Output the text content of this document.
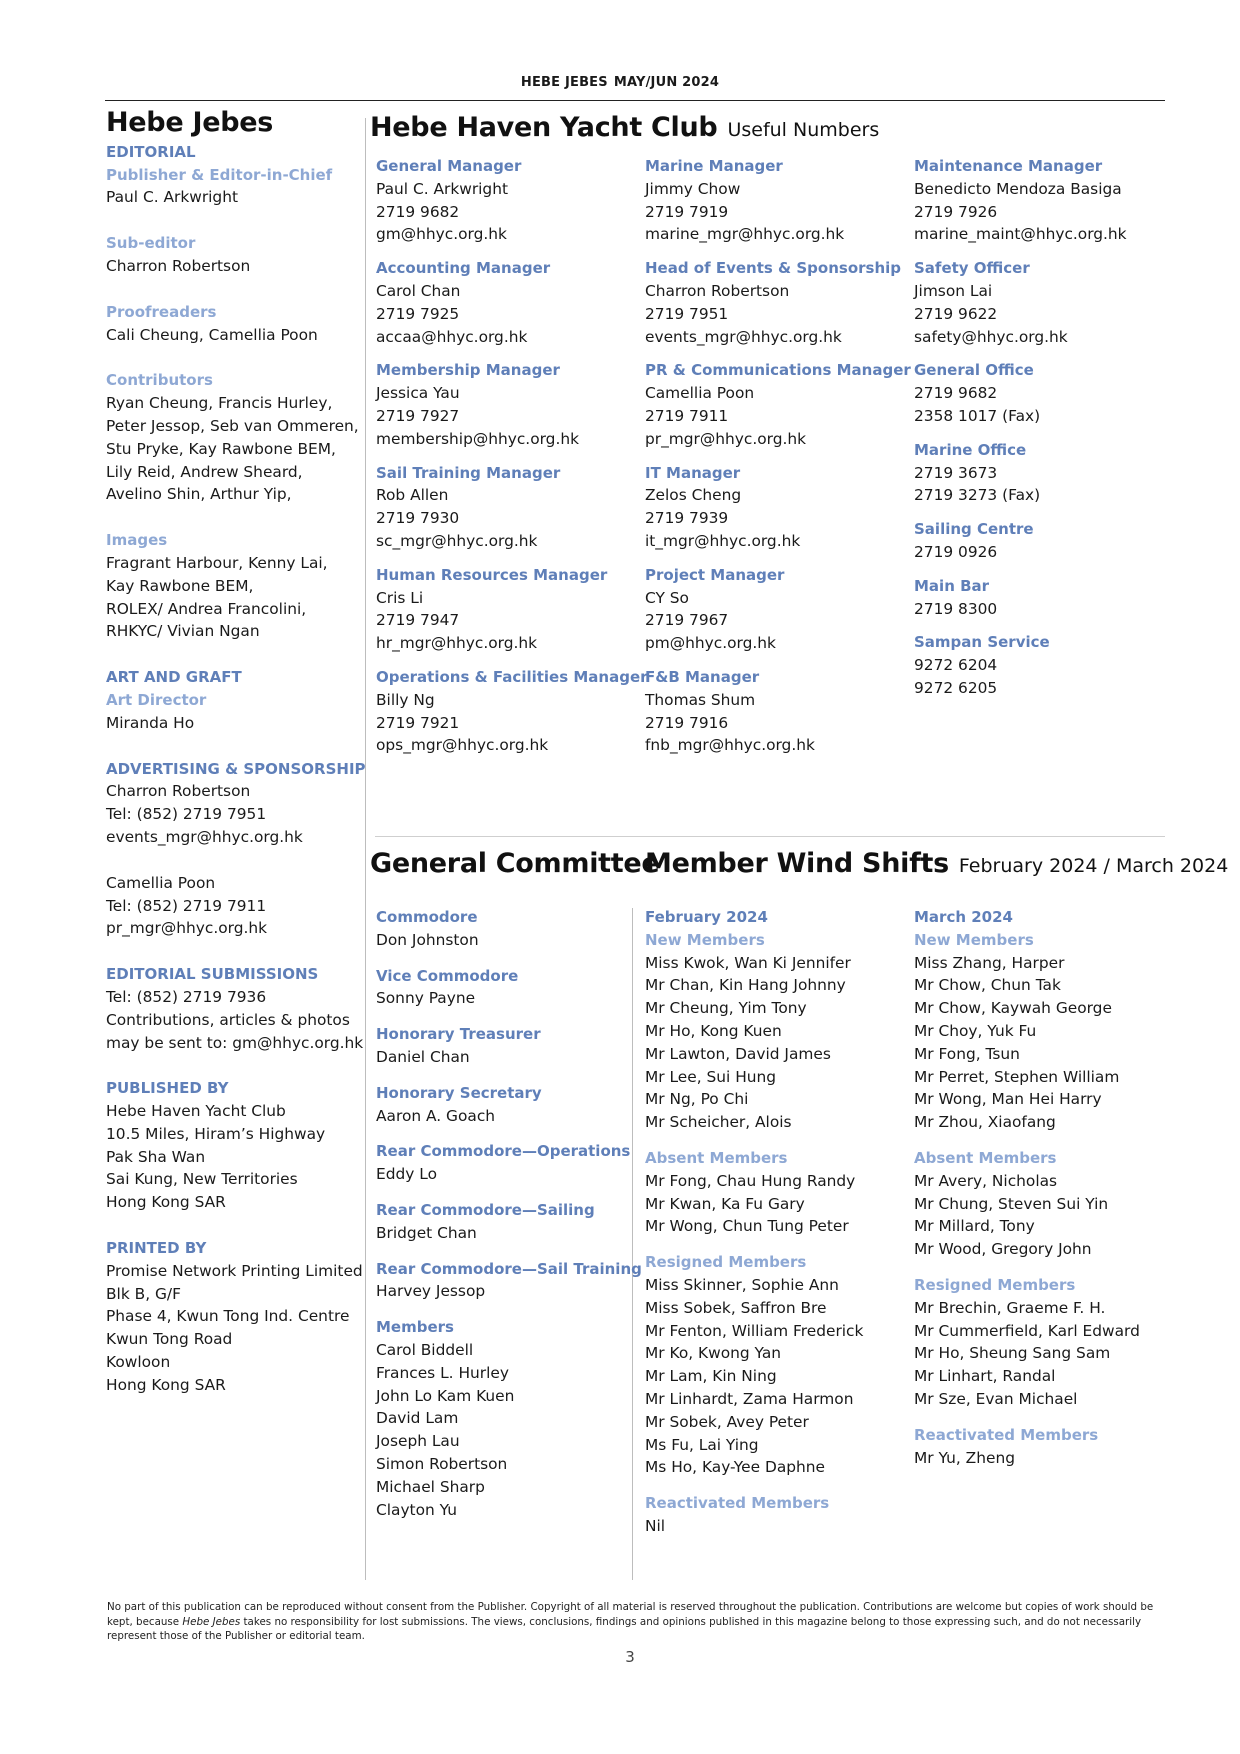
HEBE JEBES MAY/JUN 2024
Hebe Jebes
EDITORIAL
Publisher & Editor-in-Chief
Paul C. Arkwright
Sub-editor
Charron Robertson
Proofreaders
Cali Cheung, Camellia Poon
Contributors
Ryan Cheung, Francis Hurley,
Peter Jessop, Seb van Ommeren,
Stu Pryke, Kay Rawbone BEM,
Lily Reid, Andrew Sheard,
Avelino Shin, Arthur Yip,
Images
Fragrant Harbour, Kenny Lai,
Kay Rawbone BEM,
ROLEX/ Andrea Francolini,
RHKYC/ Vivian Ngan
ART AND GRAFT
Art Director
Miranda Ho
ADVERTISING & SPONSORSHIP
Charron Robertson
Tel: (852) 2719 7951
events_mgr@hhyc.org.hk
Camellia Poon
Tel: (852) 2719 7911
pr_mgr@hhyc.org.hk
EDITORIAL SUBMISSIONS
Tel: (852) 2719 7936
Contributions, articles & photos
may be sent to: gm@hhyc.org.hk
PUBLISHED BY
Hebe Haven Yacht Club
10.5 Miles, Hiram’s Highway
Pak Sha Wan
Sai Kung, New Territories
Hong Kong SAR
PRINTED BY
Promise Network Printing Limited
Blk B, G/F
Phase 4, Kwun Tong Ind. Centre
Kwun Tong Road
Kowloon
Hong Kong SAR
Hebe Haven Yacht Club Useful Numbers
General Manager
Paul C. Arkwright
2719 9682
gm@hhyc.org.hk
Accounting Manager
Carol Chan
2719 7925
accaa@hhyc.org.hk
Membership Manager
Jessica Yau
2719 7927
membership@hhyc.org.hk
Sail Training Manager
Rob Allen
2719 7930
sc_mgr@hhyc.org.hk
Human Resources Manager
Cris Li
2719 7947
hr_mgr@hhyc.org.hk
Operations & Facilities Manager
Billy Ng
2719 7921
ops_mgr@hhyc.org.hk
Marine Manager
Jimmy Chow
2719 7919
marine_mgr@hhyc.org.hk
Head of Events & Sponsorship
Charron Robertson
2719 7951
events_mgr@hhyc.org.hk
PR & Communications Manager
Camellia Poon
2719 7911
pr_mgr@hhyc.org.hk
IT Manager
Zelos Cheng
2719 7939
it_mgr@hhyc.org.hk
Project Manager
CY So
2719 7967
pm@hhyc.org.hk
F&B Manager
Thomas Shum
2719 7916
fnb_mgr@hhyc.org.hk
Maintenance Manager
Benedicto Mendoza Basiga
2719 7926
marine_maint@hhyc.org.hk
Safety Officer
Jimson Lai
2719 9622
safety@hhyc.org.hk
General Office
2719 9682
2358 1017 (Fax)
Marine Office
2719 3673
2719 3273 (Fax)
Sailing Centre
2719 0926
Main Bar
2719 8300
Sampan Service
9272 6204
9272 6205
General Committee
Member Wind Shifts February 2024 / March 2024
Commodore
Don Johnston
Vice Commodore
Sonny Payne
Honorary Treasurer
Daniel Chan
Honorary Secretary
Aaron A. Goach
Rear Commodore—Operations
Eddy Lo
Rear Commodore—Sailing
Bridget Chan
Rear Commodore—Sail Training
Harvey Jessop
Members
Carol Biddell
Frances L. Hurley
John Lo Kam Kuen
David Lam
Joseph Lau
Simon Robertson
Michael Sharp
Clayton Yu
February 2024
New Members
Miss Kwok, Wan Ki Jennifer
Mr Chan, Kin Hang Johnny
Mr Cheung, Yim Tony
Mr Ho, Kong Kuen
Mr Lawton, David James
Mr Lee, Sui Hung
Mr Ng, Po Chi
Mr Scheicher, Alois
Absent Members
Mr Fong, Chau Hung Randy
Mr Kwan, Ka Fu Gary
Mr Wong, Chun Tung Peter
Resigned Members
Miss Skinner, Sophie Ann
Miss Sobek, Saffron Bre
Mr Fenton, William Frederick
Mr Ko, Kwong Yan
Mr Lam, Kin Ning
Mr Linhardt, Zama Harmon
Mr Sobek, Avey Peter
Ms Fu, Lai Ying
Ms Ho, Kay-Yee Daphne
Reactivated Members
Nil
March 2024
New Members
Miss Zhang, Harper
Mr Chow, Chun Tak
Mr Chow, Kaywah George
Mr Choy, Yuk Fu
Mr Fong, Tsun
Mr Perret, Stephen William
Mr Wong, Man Hei Harry
Mr Zhou, Xiaofang
Absent Members
Mr Avery, Nicholas
Mr Chung, Steven Sui Yin
Mr Millard, Tony
Mr Wood, Gregory John
Resigned Members
Mr Brechin, Graeme F. H.
Mr Cummerfield, Karl Edward
Mr Ho, Sheung Sang Sam
Mr Linhart, Randal
Mr Sze, Evan Michael
Reactivated Members
Mr Yu, Zheng
No part of this publication can be reproduced without consent from the Publisher. Copyright of all material is reserved throughout the publication. Contributions are welcome but copies of work should be kept, because Hebe Jebes takes no responsibility for lost submissions. The views, conclusions, findings and opinions published in this magazine belong to those expressing such, and do not necessarily represent those of the Publisher or editorial team.
3
